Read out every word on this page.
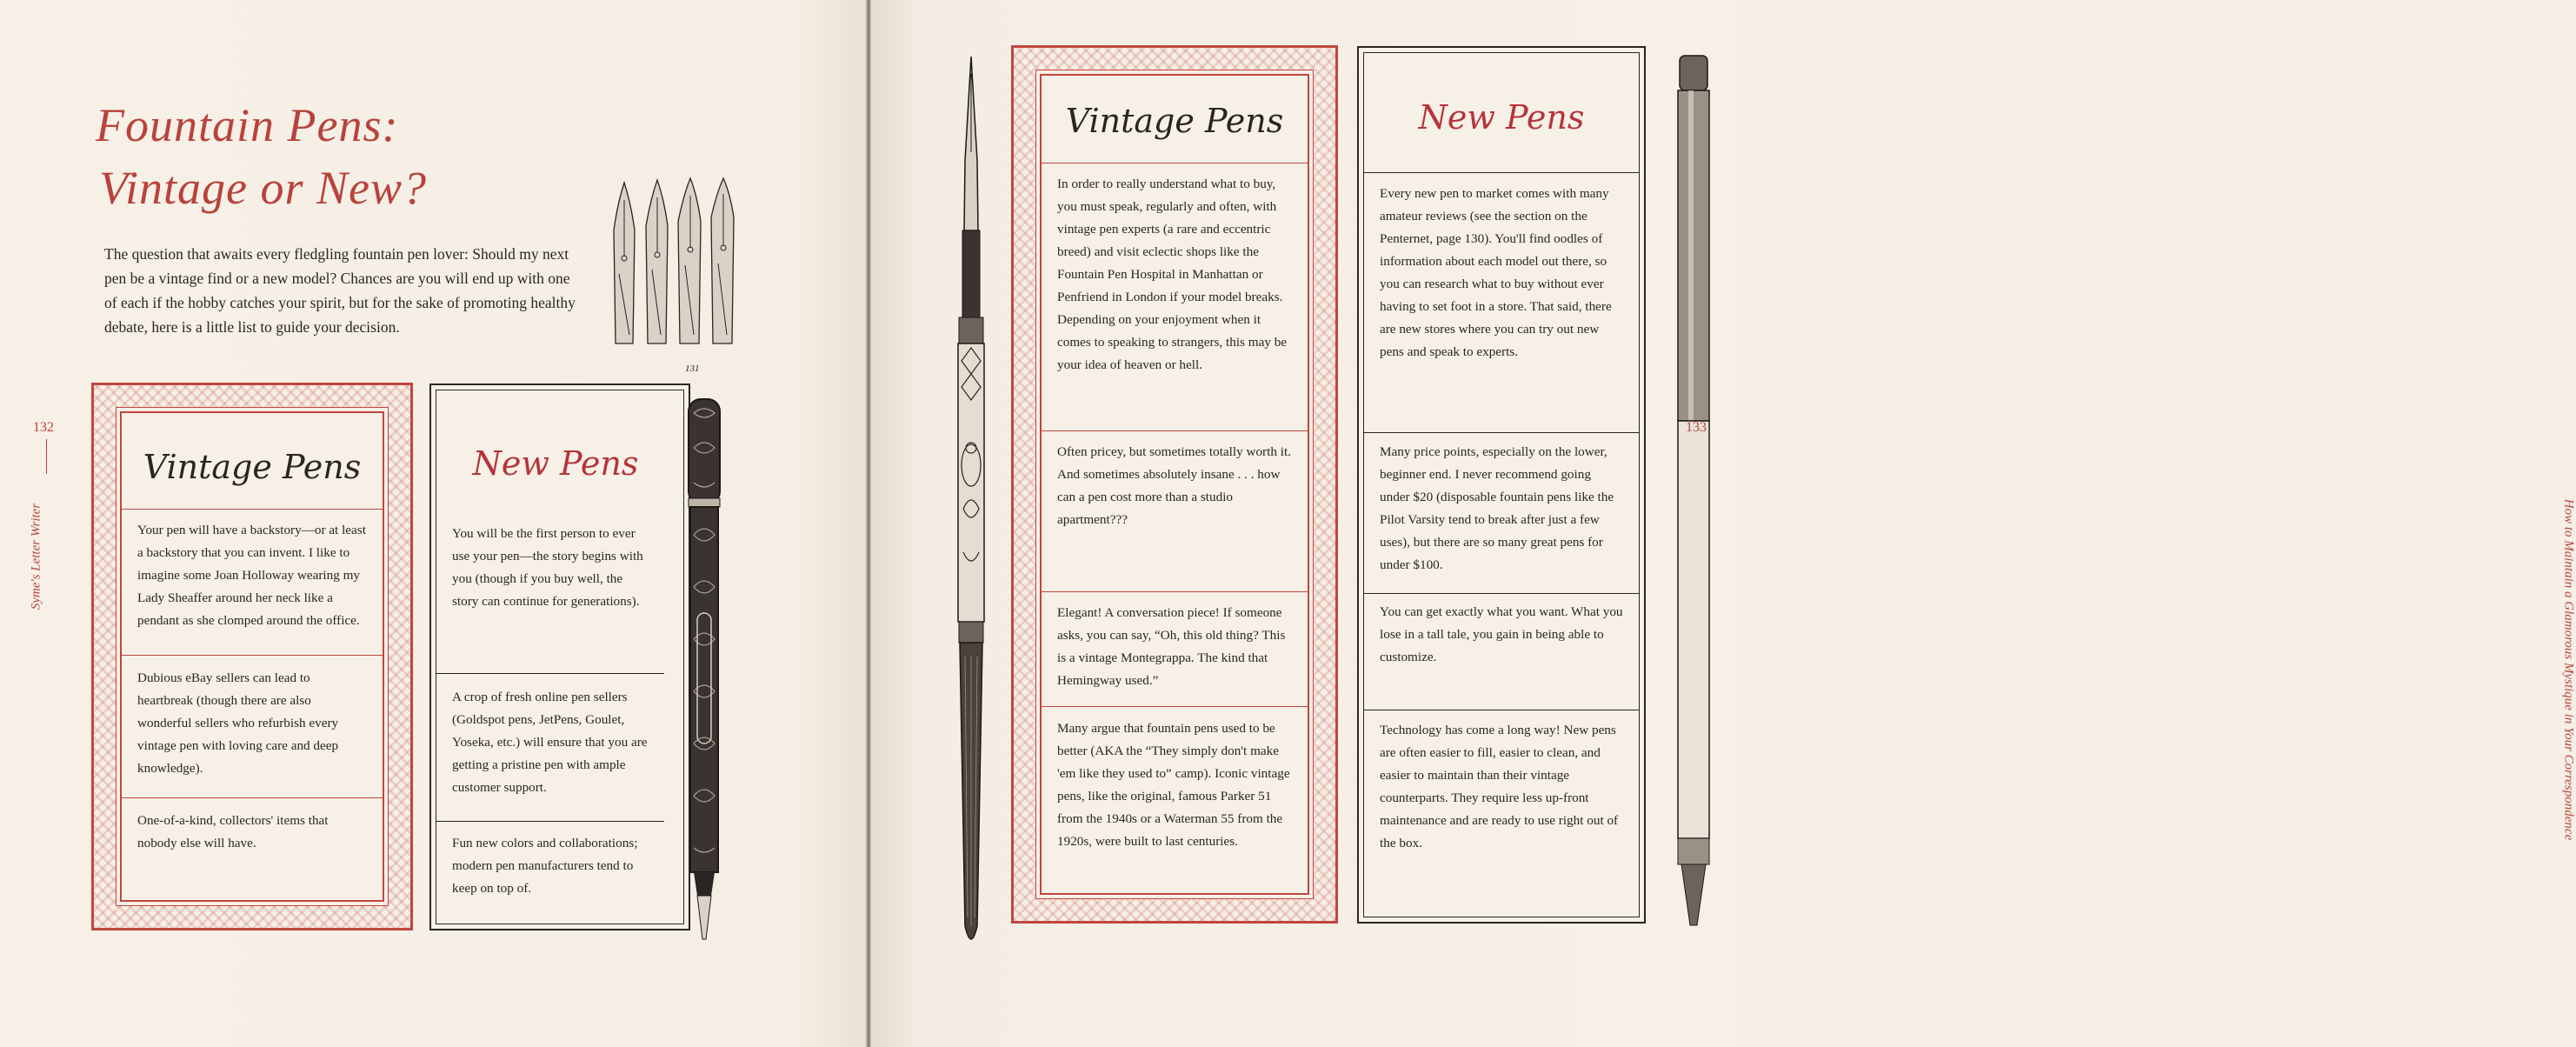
Fountain Pens:
Vintage or New?

The question that awaits every fledgling fountain pen lover: Should my next pen be a vintage find or a new model? Chances are you will end up with one of each if the hobby catches your spirit, but for the sake of promoting healthy debate, here is a little list to guide your decision.

132
Syme's Letter Writer
Vintage Pens
Your pen will have a backstory—or at least a backstory that you can invent. I like to imagine some Joan Holloway wearing my Lady Sheaffer around her neck like a pendant as she clomped around the office.
Dubious eBay sellers can lead to heartbreak (though there are also wonderful sellers who refurbish every vintage pen with loving care and deep knowledge).
One-of-a-kind, collectors' items that nobody else will have.
New Pens
You will be the first person to ever use your pen—the story begins with you (though if you buy well, the story can continue for generations).
A crop of fresh online pen sellers (Goldspot pens, JetPens, Goulet, Yoseka, etc.) will ensure that you are getting a pristine pen with ample customer support.
Fun new colors and collaborations; modern pen manufacturers tend to keep on top of.
131
Vintage Pens
In order to really understand what to buy, you must speak, regularly and often, with vintage pen experts (a rare and eccentric breed) and visit eclectic shops like the Fountain Pen Hospital in Manhattan or Penfriend in London if your model breaks. Depending on your enjoyment when it comes to speaking to strangers, this may be your idea of heaven or hell.
Often pricey, but sometimes totally worth it. And sometimes absolutely insane . . . how can a pen cost more than a studio apartment???
Elegant! A conversation piece! If someone asks, you can say, “Oh, this old thing? This is a vintage Montegrappa. The kind that Hemingway used.”
Many argue that fountain pens used to be better (AKA the “They simply don't make 'em like they used to” camp). Iconic vintage pens, like the original, famous Parker 51 from the 1940s or a Waterman 55 from the 1920s, were built to last centuries.
New Pens
Every new pen to market comes with many amateur reviews (see the section on the Penternet, page 130). You'll find oodles of information about each model out there, so you can research what to buy without ever having to set foot in a store. That said, there are new stores where you can try out new pens and speak to experts.
Many price points, especially on the lower, beginner end. I never recommend going under $20 (disposable fountain pens like the Pilot Varsity tend to break after just a few uses), but there are so many great pens for under $100.
You can get exactly what you want. What you lose in a tall tale, you gain in being able to customize.
Technology has come a long way! New pens are often easier to fill, easier to clean, and easier to maintain than their vintage counterparts. They require less up-front maintenance and are ready to use right out of the box.
133
How to Maintain a Glamorous Mystique in Your Correspondence
